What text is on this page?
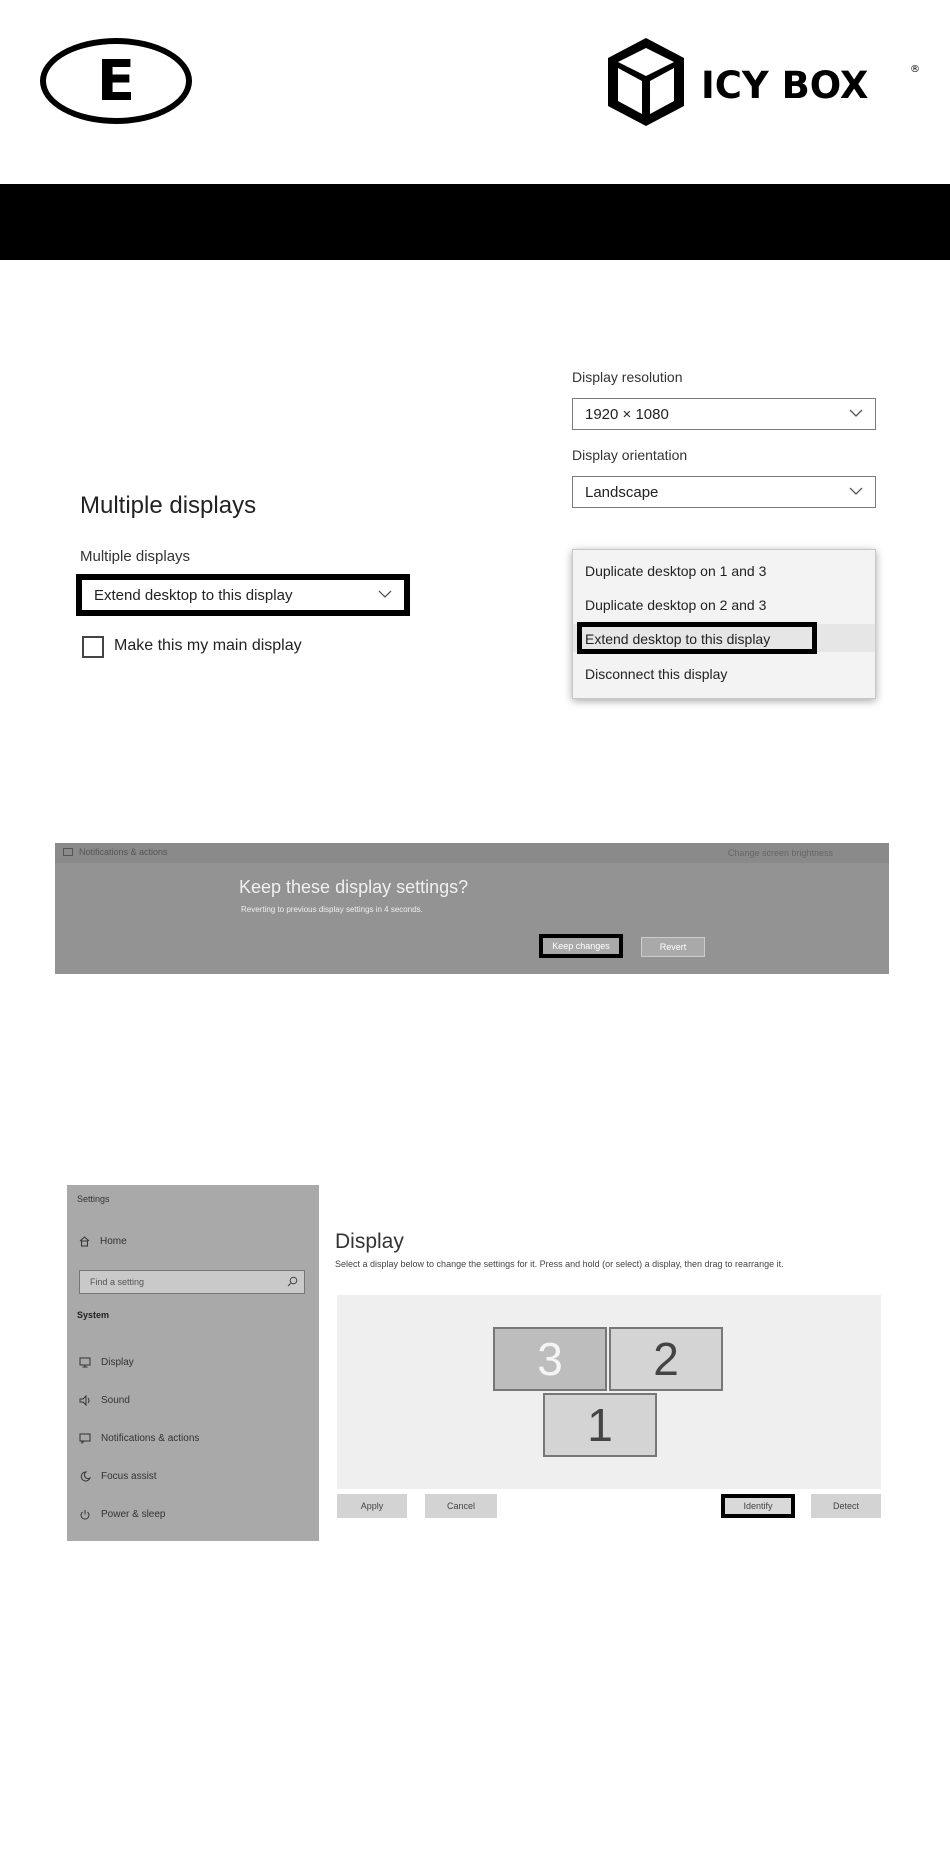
E	ICY BOX	®
Multiple displays
Multiple displays
Extend desktop to this display
Make this my main display
Display resolution
1920 × 1080
Display orientation
Landscape
Duplicate desktop on 1 and 3
Duplicate desktop on 2 and 3
Extend desktop to this display
Disconnect this display
Notifications & actions	Change screen brightness
Keep these display settings?
Reverting to previous display settings in 4 seconds.
Keep changes	Revert
Settings
Home
Find a setting
System
Display
Sound
Notifications & actions
Focus assist
Power & sleep
Display
Select a display below to change the settings for it. Press and hold (or select) a display, then drag to rearrange it.
3	2
1
Apply	Cancel	Identify	Detect
